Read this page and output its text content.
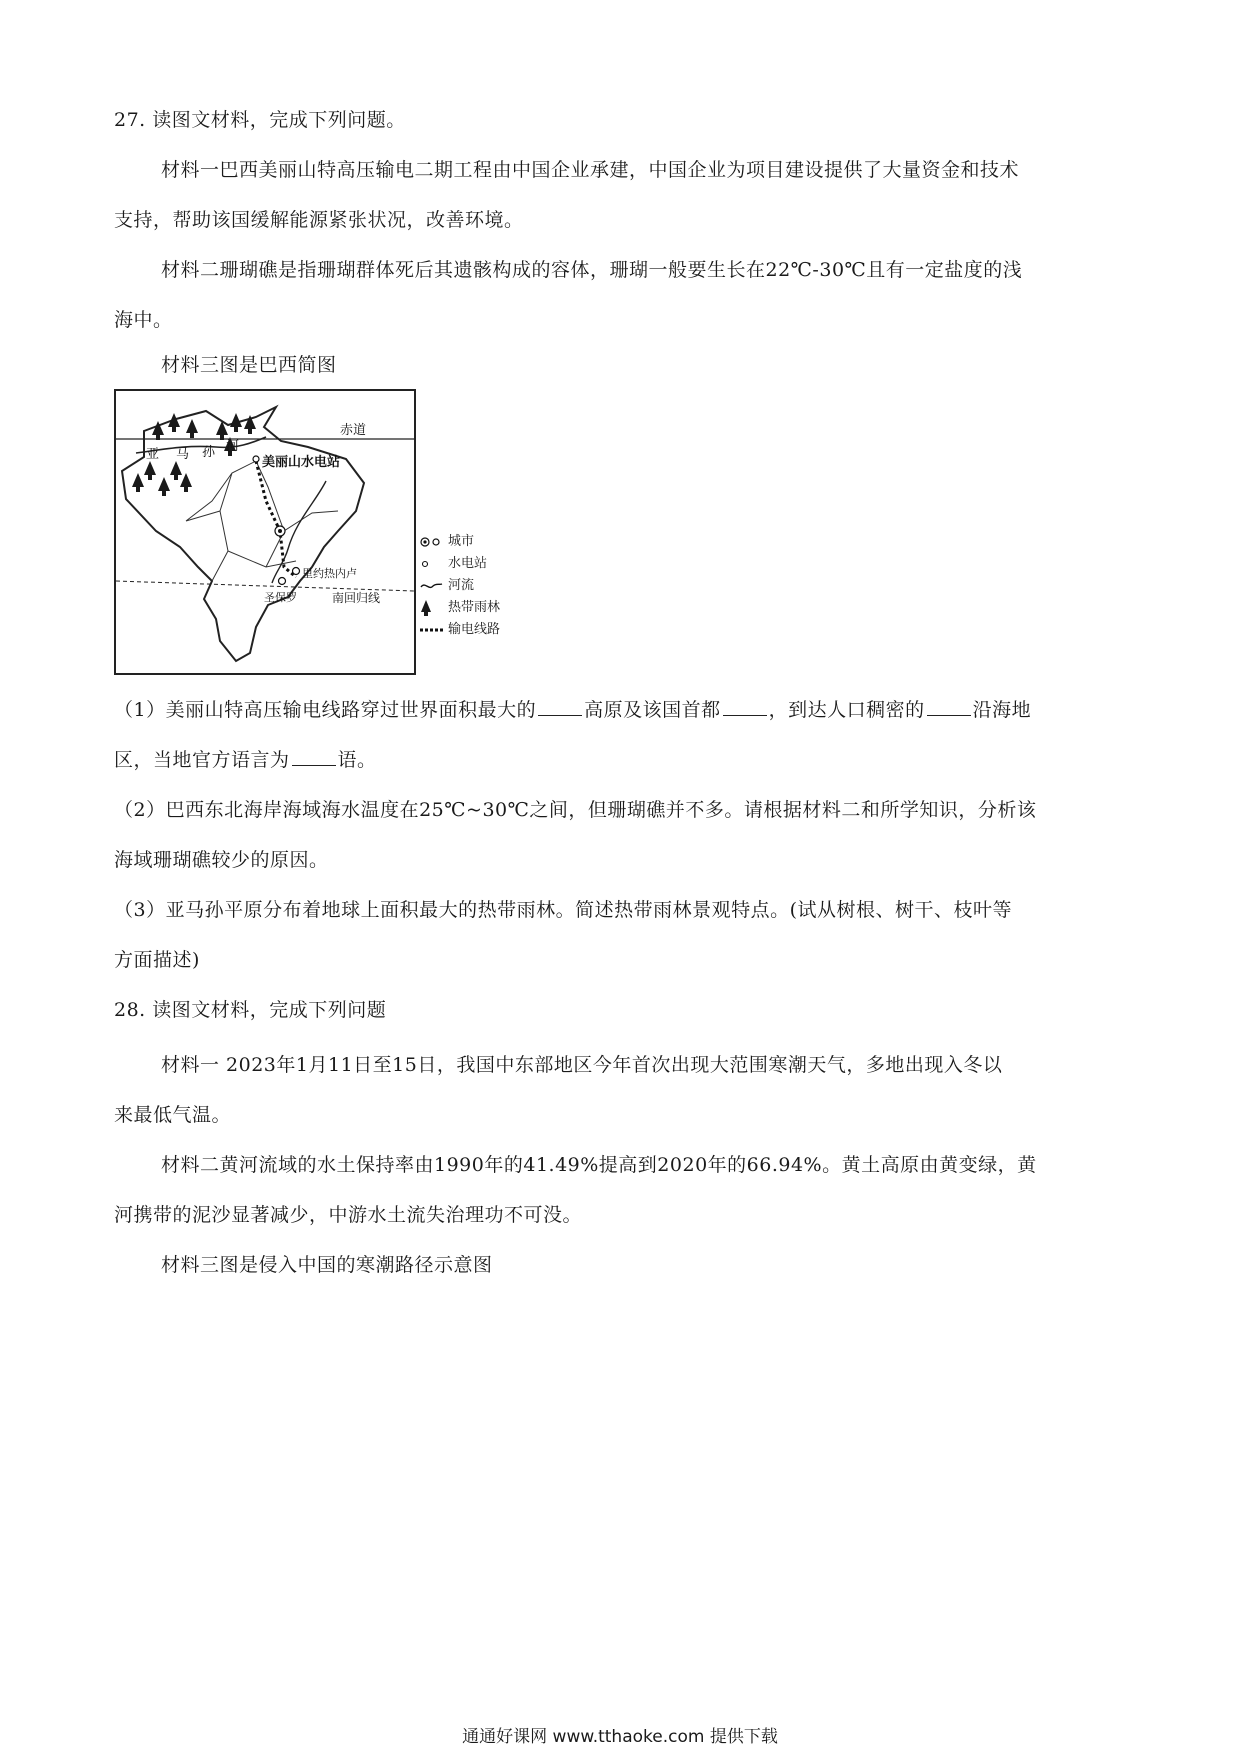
27. 读图文材料，完成下列问题。
材料一巴西美丽山特高压输电二期工程由中国企业承建，中国企业为项目建设提供了大量资金和技术
支持，帮助该国缓解能源紧张状况，改善环境。
材料二珊瑚礁是指珊瑚群体死后其遗骸构成的容体，珊瑚一般要生长在22℃-30℃且有一定盐度的浅
海中。
材料三图是巴西简图
赤道
亚 马 孙 河
美丽山水电站
里约热内卢
圣保罗	南回归线
城市
水电站
河流
热带雨林
输电线路
（1）美丽山特高压输电线路穿过世界面积最大的	高原及该国首都	，到达人口稠密的	沿海地
区，当地官方语言为	语。
（2）巴西东北海岸海域海水温度在25℃~30℃之间，但珊瑚礁并不多。请根据材料二和所学知识，分析该
海域珊瑚礁较少的原因。
（3）亚马孙平原分布着地球上面积最大的热带雨林。简述热带雨林景观特点。(试从树根、树干、枝叶等
方面描述)
28. 读图文材料，完成下列问题
材料一 2023年1月11日至15日，我国中东部地区今年首次出现大范围寒潮天气，多地出现入冬以
来最低气温。
材料二黄河流域的水土保持率由1990年的41.49%提高到2020年的66.94%。黄土高原由黄变绿，黄
河携带的泥沙显著减少，中游水土流失治理功不可没。
材料三图是侵入中国的寒潮路径示意图
通通好课网 www.tthaoke.com 提供下载
